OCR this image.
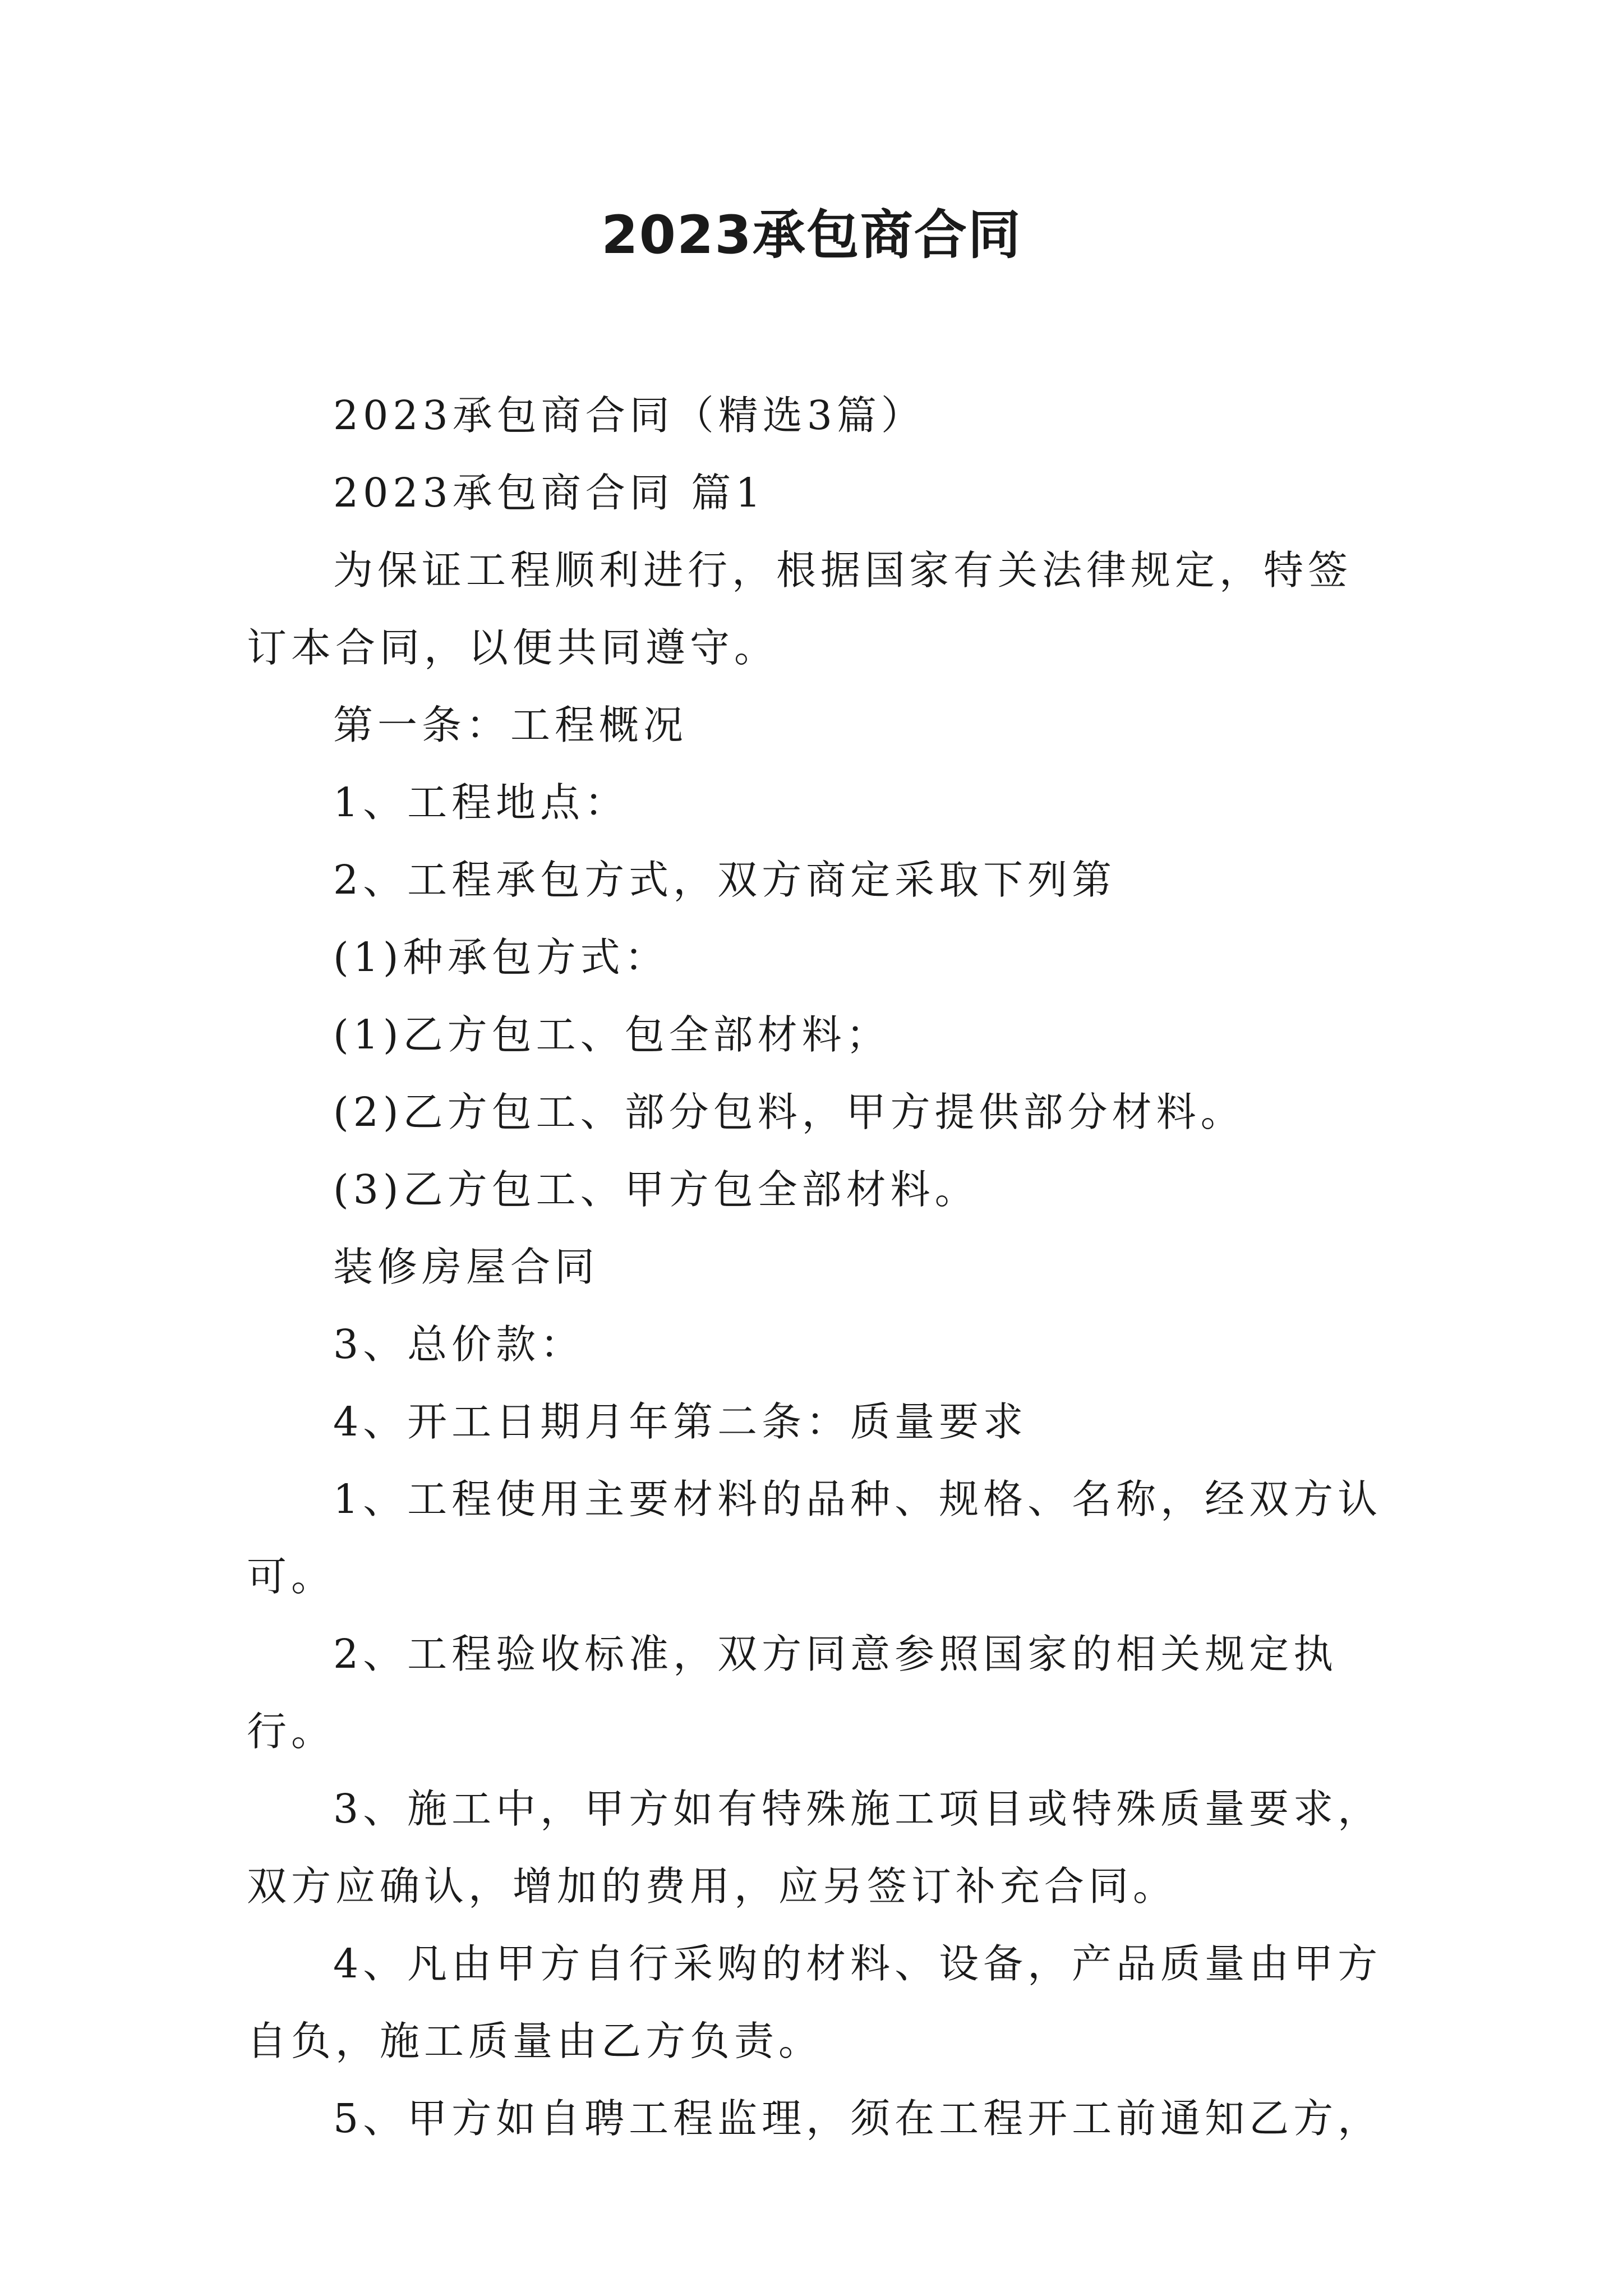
2023承包商合同

2023承包商合同（精选3篇）

2023承包商合同 篇1

为保证工程顺利进行，根据国家有关法律规定，特签订本合同，以便共同遵守。

第一条：工程概况

1、工程地点：

2、工程承包方式，双方商定采取下列第

(1)种承包方式：

(1)乙方包工、包全部材料；

(2)乙方包工、部分包料，甲方提供部分材料。

(3)乙方包工、甲方包全部材料。

装修房屋合同

3、总价款：

4、开工日期月年第二条：质量要求

1、工程使用主要材料的品种、规格、名称，经双方认可。

2、工程验收标准，双方同意参照国家的相关规定执行。

3、施工中，甲方如有特殊施工项目或特殊质量要求，双方应确认，增加的费用，应另签订补充合同。

4、凡由甲方自行采购的材料、设备，产品质量由甲方自负，施工质量由乙方负责。

5、甲方如自聘工程监理，须在工程开工前通知乙方，
